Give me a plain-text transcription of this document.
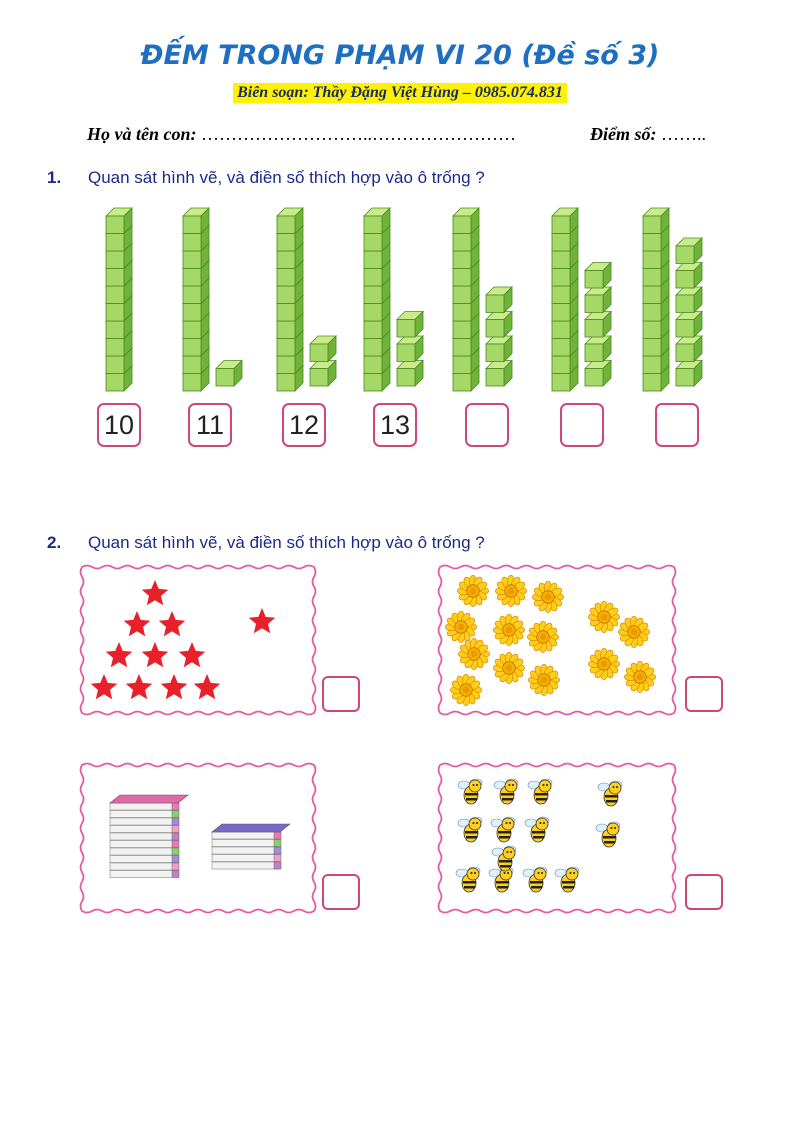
ĐẾM TRONG PHẠM VI 20 (Đề số 3)
Biên soạn: Thầy Đặng Việt Hùng – 0985.074.831
Họ và tên con: ………………………..……………………	Điểm số: ……..
1. Quan sát hình vẽ, và điền số thích hợp vào ô trống ?
10 11 12 13
2. Quan sát hình vẽ, và điền số thích hợp vào ô trống ?
